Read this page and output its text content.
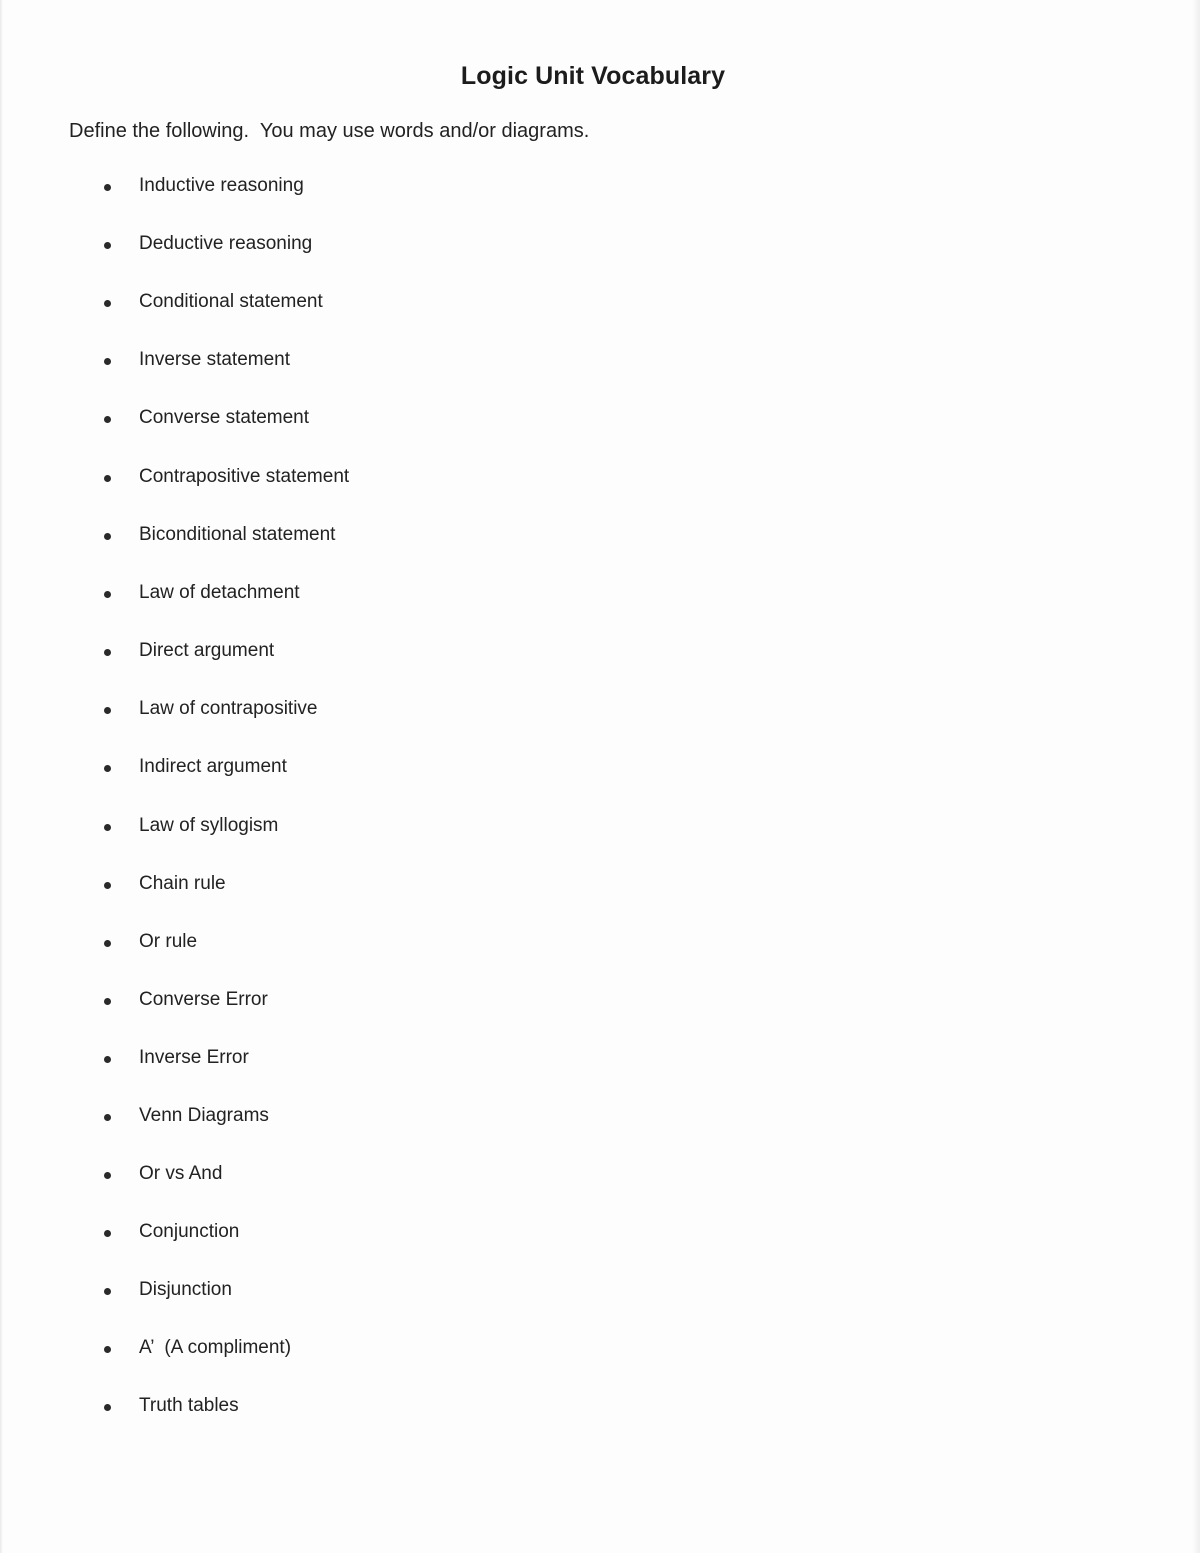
Logic Unit Vocabulary

Define the following.  You may use words and/or diagrams.

Inductive reasoning
Deductive reasoning
Conditional statement
Inverse statement
Converse statement
Contrapositive statement
Biconditional statement
Law of detachment
Direct argument
Law of contrapositive
Indirect argument
Law of syllogism
Chain rule
Or rule
Converse Error
Inverse Error
Venn Diagrams
Or vs And
Conjunction
Disjunction
A’  (A compliment)
Truth tables
